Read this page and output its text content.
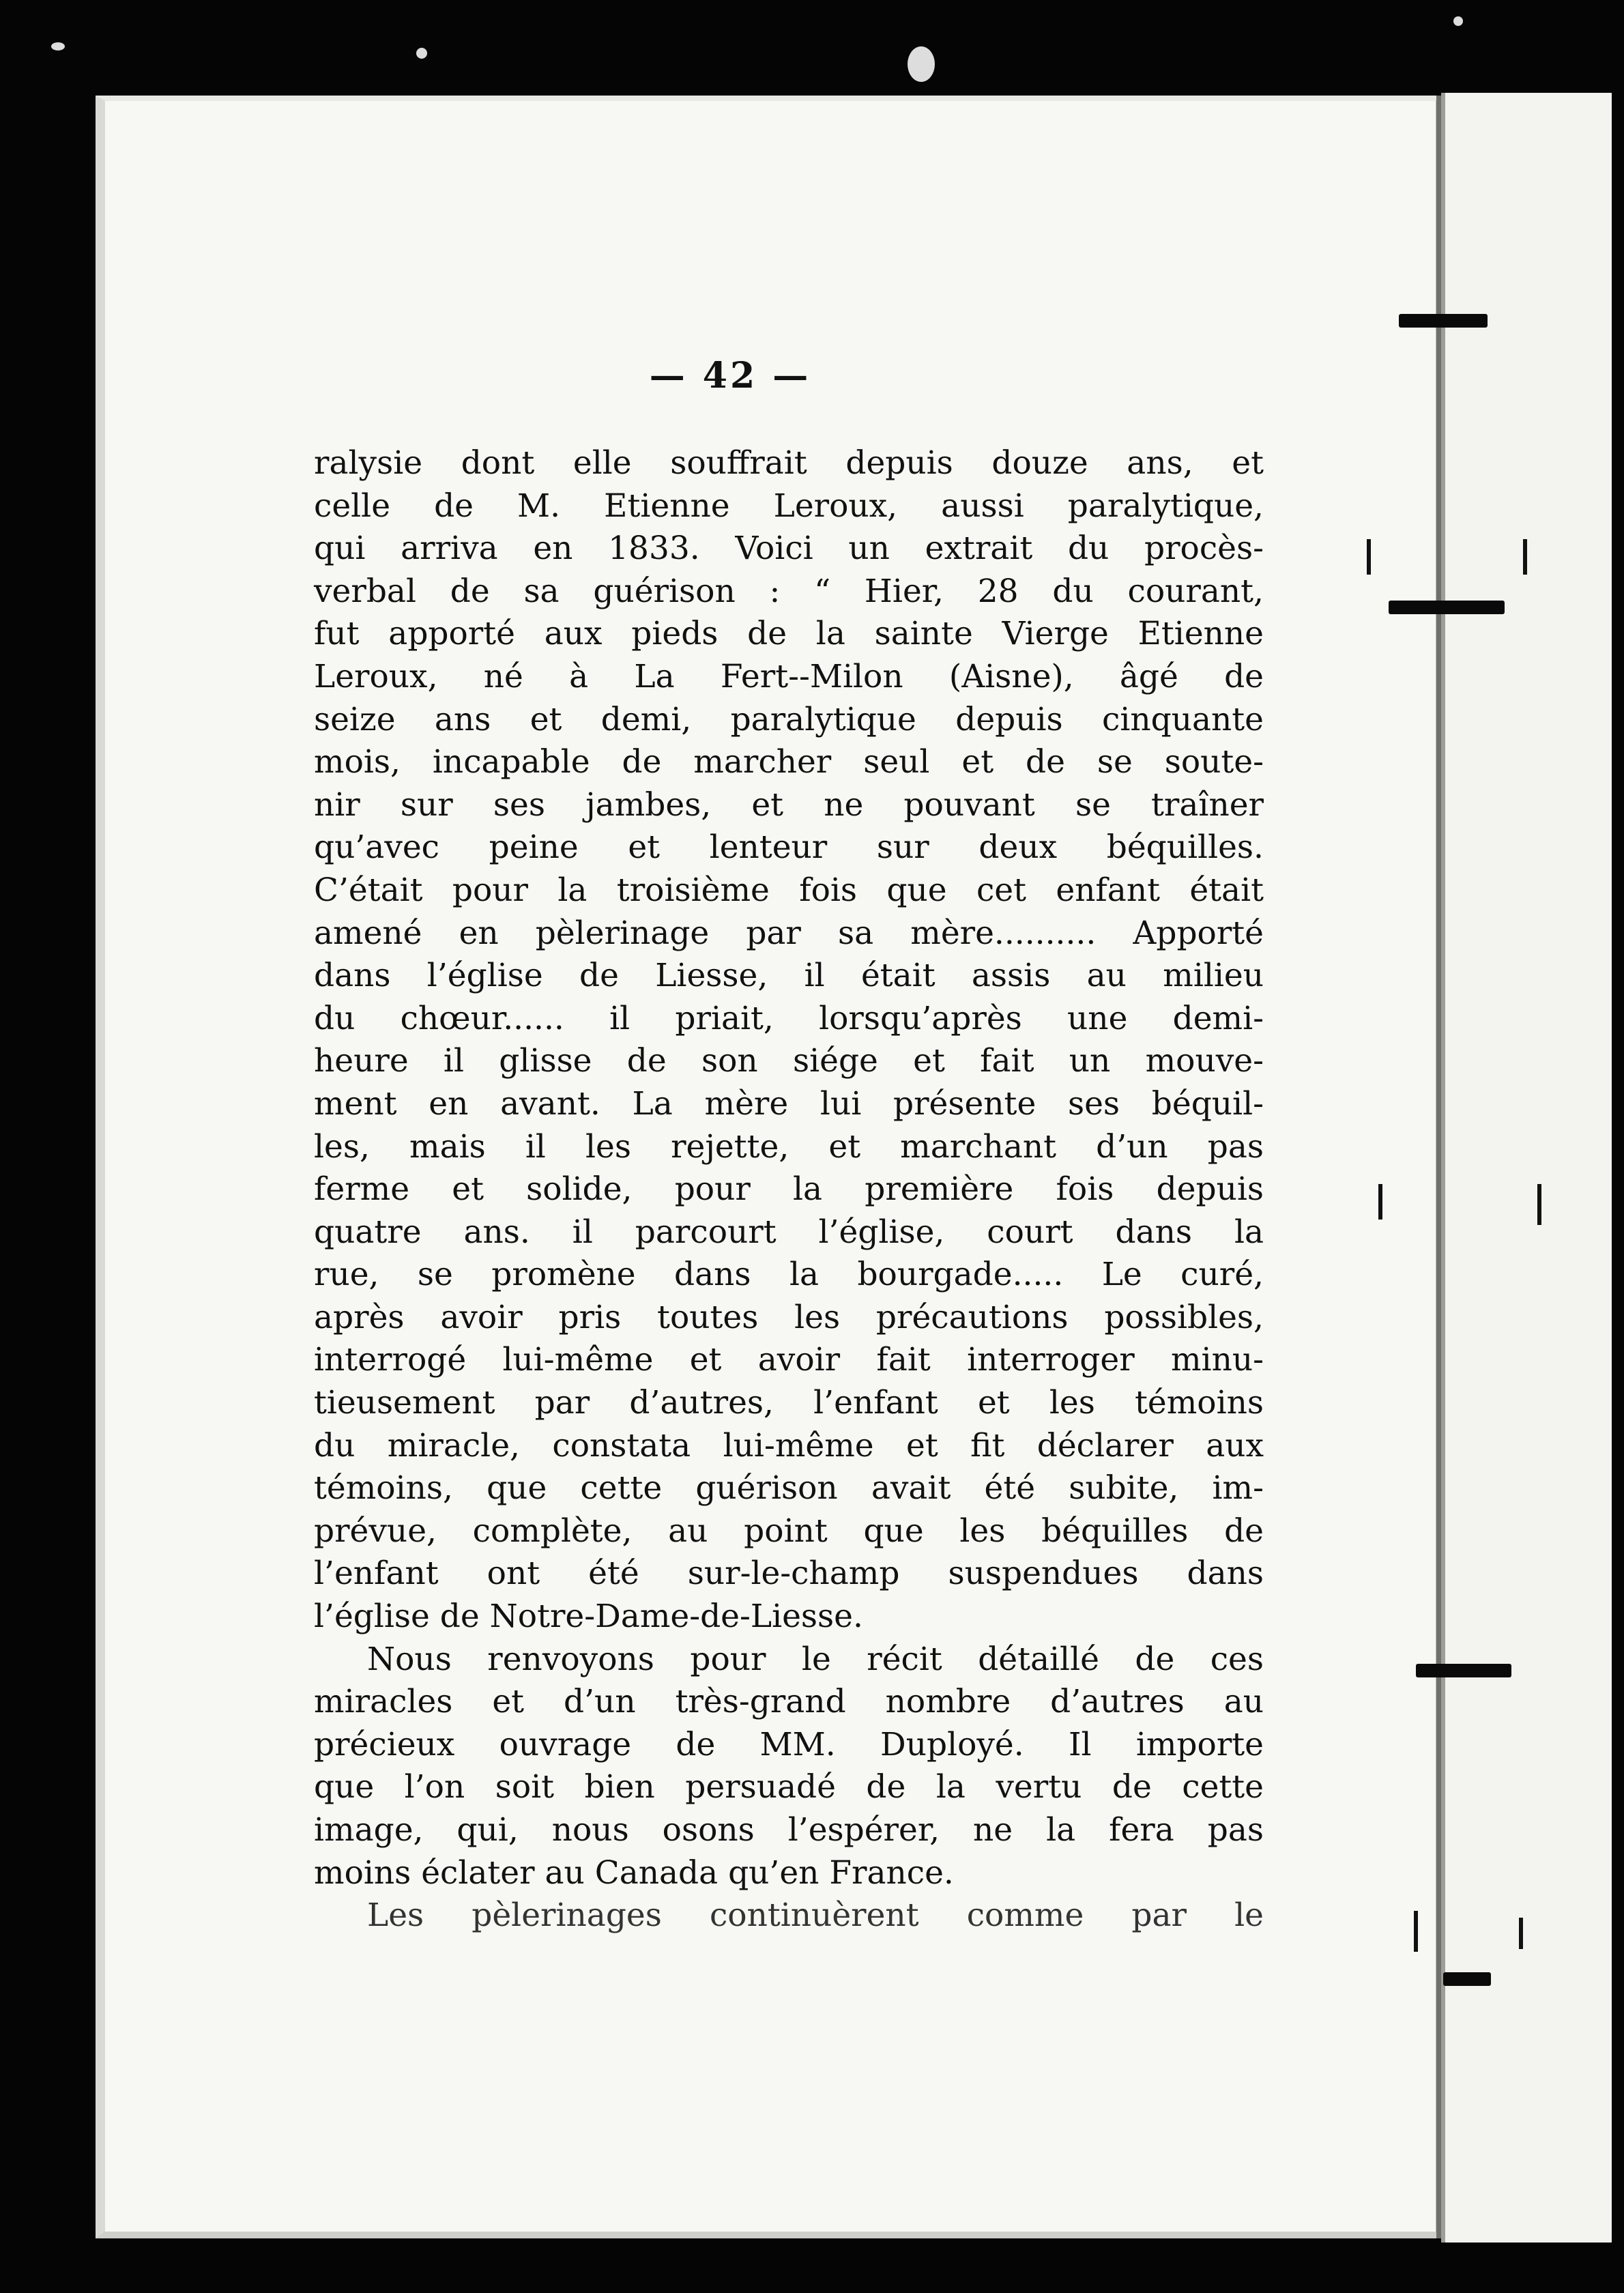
— 42 —
ralysie dont elle souffrait depuis douze ans, et
celle de M. Etienne Leroux, aussi paralytique,
qui arriva en 1833. Voici un extrait du procès-
verbal de sa guérison : “ Hier, 28 du courant,
fut apporté aux pieds de la sainte Vierge Etienne
Leroux, né à La Fert--Milon (Aisne), âgé de
seize ans et demi, paralytique depuis cinquante
mois, incapable de marcher seul et de se soute-
nir sur ses jambes, et ne pouvant se traîner
qu’avec peine et lenteur sur deux béquilles.
C’était pour la troisième fois que cet enfant était
amené en pèlerinage par sa mère.......... Apporté
dans l’église de Liesse, il était assis au milieu
du chœur...... il priait, lorsqu’après une demi-
heure il glisse de son siége et fait un mouve-
ment en avant. La mère lui présente ses béquil-
les, mais il les rejette, et marchant d’un pas
ferme et solide, pour la première fois depuis
quatre ans. il parcourt l’église, court dans la
rue, se promène dans la bourgade..... Le curé,
après avoir pris toutes les précautions possibles,
interrogé lui-même et avoir fait interroger minu-
tieusement par d’autres, l’enfant et les témoins
du miracle, constata lui-même et fit déclarer aux
témoins, que cette guérison avait été subite, im-
prévue, complète, au point que les béquilles de
l’enfant ont été sur-le-champ suspendues dans
l’église de Notre-Dame-de-Liesse.
Nous renvoyons pour le récit détaillé de ces
miracles et d’un très-grand nombre d’autres au
précieux ouvrage de MM. Duployé. Il importe
que l’on soit bien persuadé de la vertu de cette
image, qui, nous osons l’espérer, ne la fera pas
moins éclater au Canada qu’en France.
Les pèlerinages continuèrent comme par le
